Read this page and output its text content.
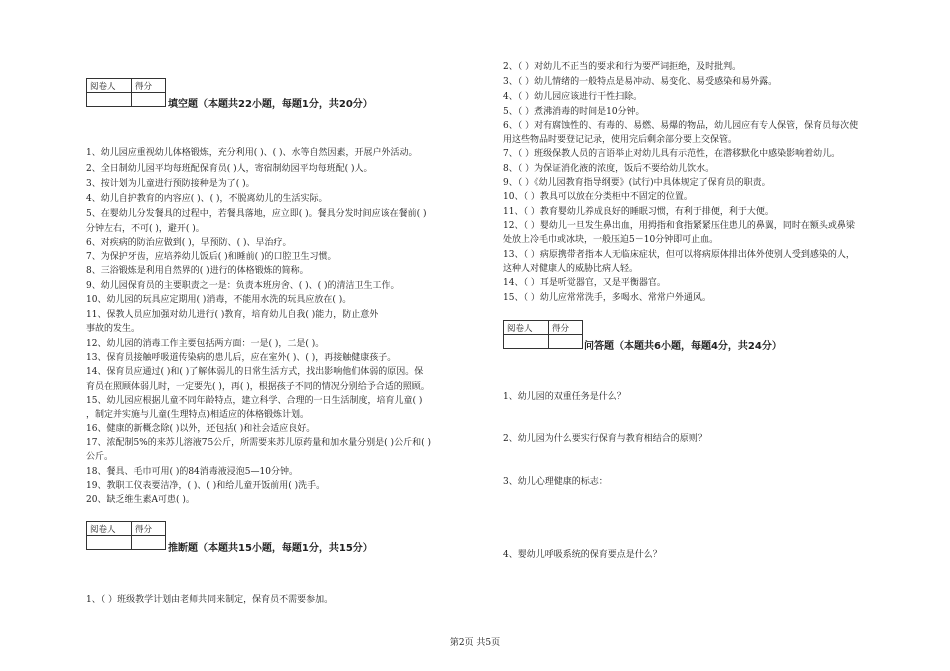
阅卷人	得分

填空题（本题共22小题，每题1分，共20分）
1、幼儿园应重视幼儿体格锻炼，充分利用( )、( )、水等自然因素，开展户外活动。
2、全日制幼儿园平均每班配保育员( )人，寄宿制幼园平均每班配( )人。
3、按计划为儿童进行预防接种是为了( )。
4、幼儿自护教育的内容应( )、( )，不脱离幼儿的生活实际。
5、在婴幼儿分发餐具的过程中，若餐具落地，应立即( )。餐具分发时间应该在餐前( )
分钟左右，不可( )，避开( )。
6、对疾病的防治应做到( )，早预防、( )、早治疗。
7、为保护牙齿，应培养幼儿饭后( )和睡前( )的口腔卫生习惯。
8、三浴锻炼是利用自然界的( )进行的体格锻炼的简称。
9、幼儿园保育员的主要职责之一是：负责本班房舍、( )、( )的清洁卫生工作。
10、幼儿园的玩具应定期用( )消毒，不能用水洗的玩具应放在( )。
11、保教人员应加强对幼儿进行( )教育，培育幼儿自我( )能力，防止意外
事故的发生。
12、幼儿园的消毒工作主要包括两方面：一是( )，二是( )。
13、保育员接触呼吸道传染病的患儿后，应在室外( )、( )，再接触健康孩子。
14、保育员应通过( )和( )了解体弱儿的日常生活方式，找出影响他们体弱的原因。保
育员在照顾体弱儿时，一定要先( )，再( )，根据孩子不同的情况分别给予合适的照顾。
15、幼儿园应根据儿童不同年龄特点，建立科学、合理的一日生活制度，培育儿童( )
，制定并实施与儿童(生理特点)相适应的体格锻炼计划。
16、健康的新概念除( )以外，还包括( )和社会适应良好。
17、浓配制5%的来苏儿溶液75公斤，所需要来苏儿原药量和加水量分别是( )公斤和( )
公斤。
18、餐具、毛巾可用( )的84消毒液浸泡5—10分钟。
19、教职工仪表要洁净，( )、( )和给儿童开饭前用( )洗手。
20、缺乏维生素A可患( )。
阅卷人	得分

推断题（本题共15小题，每题1分，共15分）
1、（ ）班级教学计划由老师共同来制定，保育员不需要参加。
2、（ ）对幼儿不正当的要求和行为要严词拒绝，及时批判。
3、（ ）幼儿情绪的一般特点是易冲动、易变化、易受感染和易外露。
4、（ ）幼儿园应该进行干性扫除。
5、（ ）煮沸消毒的时间是10分钟。
6、（ ）对有腐蚀性的、有毒的、易燃、易爆的物品，幼儿园应有专人保管，保育员每次使
用这些物品时要登记记录，使用完后剩余部分要上交保管。
7、（ ）班级保教人员的言语举止对幼儿具有示范性，在潜移默化中感染影响着幼儿。
8、（ ）为保证消化液的浓度，饭后不要给幼儿饮水。
9、（ ）《幼儿园教育指导纲要》(试行)中具体规定了保育员的职责。
10、（ ）教具可以放在分类柜中不固定的位置。
11、（ ）教育婴幼儿养成良好的睡眠习惯，有利于排便，利于大便。
12、（ ）婴幼儿一旦发生鼻出血，用拇指和食指紧紧压住患儿的鼻翼，同时在额头或鼻梁
处放上冷毛巾或冰块，一般压迫5－10分钟即可止血。
13、（ ）病原携带者指本人无临床症状，但可以将病原体排出体外使别人受到感染的人，
这种人对健康人的威胁比病人轻。
14、（ ）耳是听觉器官，又是平衡器官。
15、（ ）幼儿应常常洗手，多喝水、常常户外通风。
阅卷人	得分

问答题（本题共6小题，每题4分，共24分）
1、幼儿园的双重任务是什么？
2、幼儿园为什么要实行保育与教育相结合的原则？
3、幼儿心理健康的标志：
4、婴幼儿呼吸系统的保育要点是什么？
第2页 共5页
